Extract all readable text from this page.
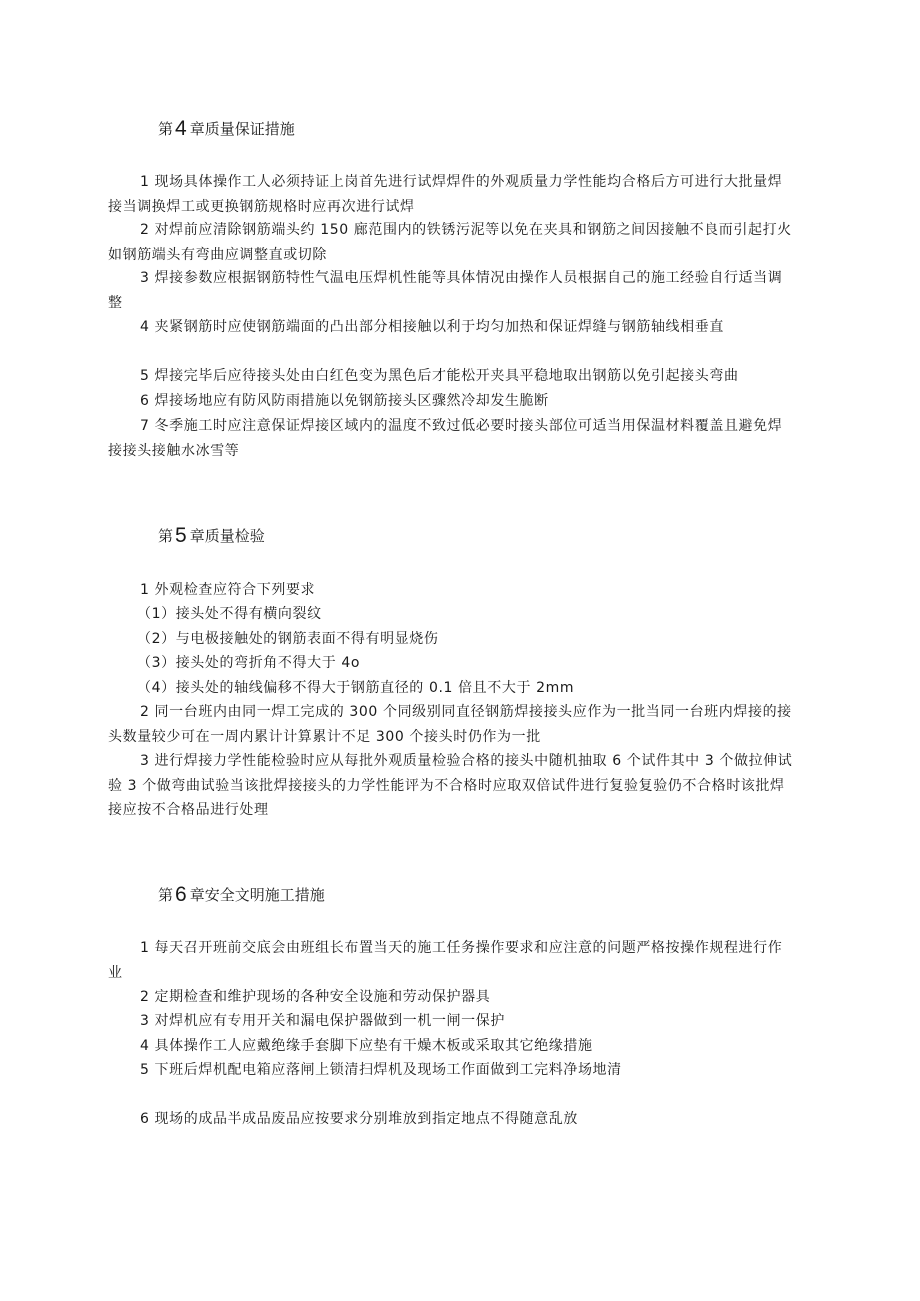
第4 章质量保证措施
1 现场具体操作工人必须持证上岗首先进行试焊焊件的外观质量力学性能均合格后方可进行大批量焊接当调换焊工或更换钢筋规格时应再次进行试焊
2 对焊前应清除钢筋端头约 150 廊范围内的铁锈污泥等以免在夹具和钢筋之间因接触不良而引起打火如钢筋端头有弯曲应调整直或切除
3 焊接参数应根据钢筋特性气温电压焊机性能等具体情况由操作人员根据自己的施工经验自行适当调整
4 夹紧钢筋时应使钢筋端面的凸出部分相接触以利于均匀加热和保证焊缝与钢筋轴线相垂直
5 焊接完毕后应待接头处由白红色变为黑色后才能松开夹具平稳地取出钢筋以免引起接头弯曲
6 焊接场地应有防风防雨措施以免钢筋接头区骤然冷却发生脆断
7 冬季施工时应注意保证焊接区域内的温度不致过低必要时接头部位可适当用保温材料覆盖且避免焊接接头接触水冰雪等
第5 章质量检验
1 外观检查应符合下列要求
（1）接头处不得有横向裂纹
（2）与电极接触处的钢筋表面不得有明显烧伤
（3）接头处的弯折角不得大于 4o
（4）接头处的轴线偏移不得大于钢筋直径的 0.1 倍且不大于 2mm
2 同一台班内由同一焊工完成的 300 个同级别同直径钢筋焊接接头应作为一批当同一台班内焊接的接头数量较少可在一周内累计计算累计不足 300 个接头时仍作为一批
3 进行焊接力学性能检验时应从每批外观质量检验合格的接头中随机抽取 6 个试件其中 3 个做拉伸试验 3 个做弯曲试验当该批焊接接头的力学性能评为不合格时应取双倍试件进行复验复验仍不合格时该批焊接应按不合格品进行处理
第6 章安全文明施工措施
1 每天召开班前交底会由班组长布置当天的施工任务操作要求和应注意的问题严格按操作规程进行作业
2 定期检查和维护现场的各种安全设施和劳动保护器具
3 对焊机应有专用开关和漏电保护器做到一机一闸一保护
4 具体操作工人应戴绝缘手套脚下应垫有干燥木板或采取其它绝缘措施
5 下班后焊机配电箱应落闸上锁清扫焊机及现场工作面做到工完料净场地清
6 现场的成品半成品废品应按要求分别堆放到指定地点不得随意乱放
